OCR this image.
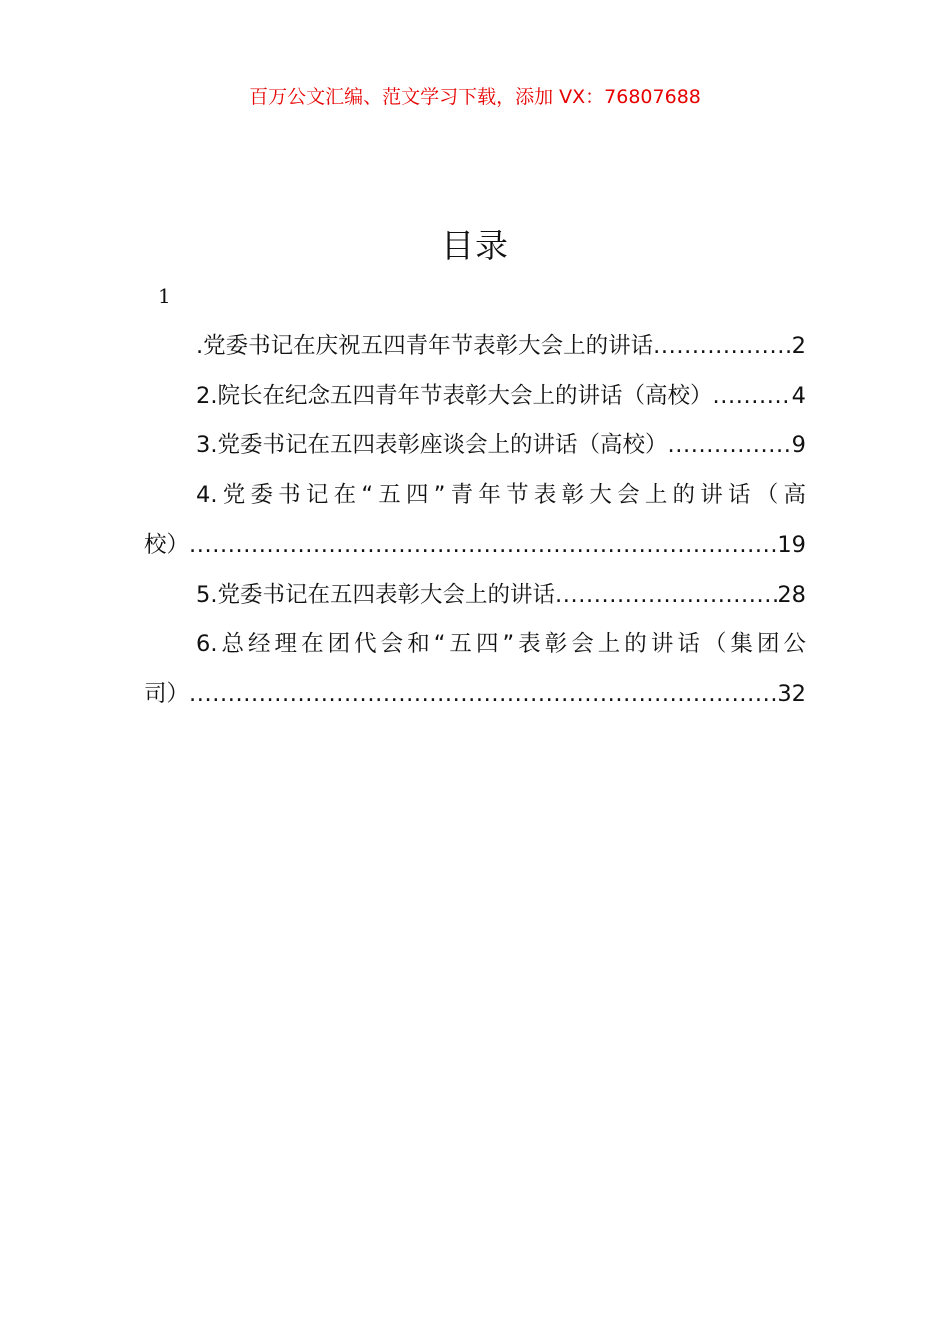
百万公文汇编、范文学习下载，添加 VX：76807688
目录
1
.党委书记在庆祝五四青年节表彰大会上的讲话 .....	2
2.院长在纪念五四青年节表彰大会上的讲话（高校） .....	4
3.党委书记在五四表彰座谈会上的讲话（高校） .....	9
4.党委书记在“五四”青年节表彰大会上的讲话（高
校） .....	19
5.党委书记在五四表彰大会上的讲话 .....	28
6.总经理在团代会和“五四”表彰会上的讲话（集团公
司） .....	32
